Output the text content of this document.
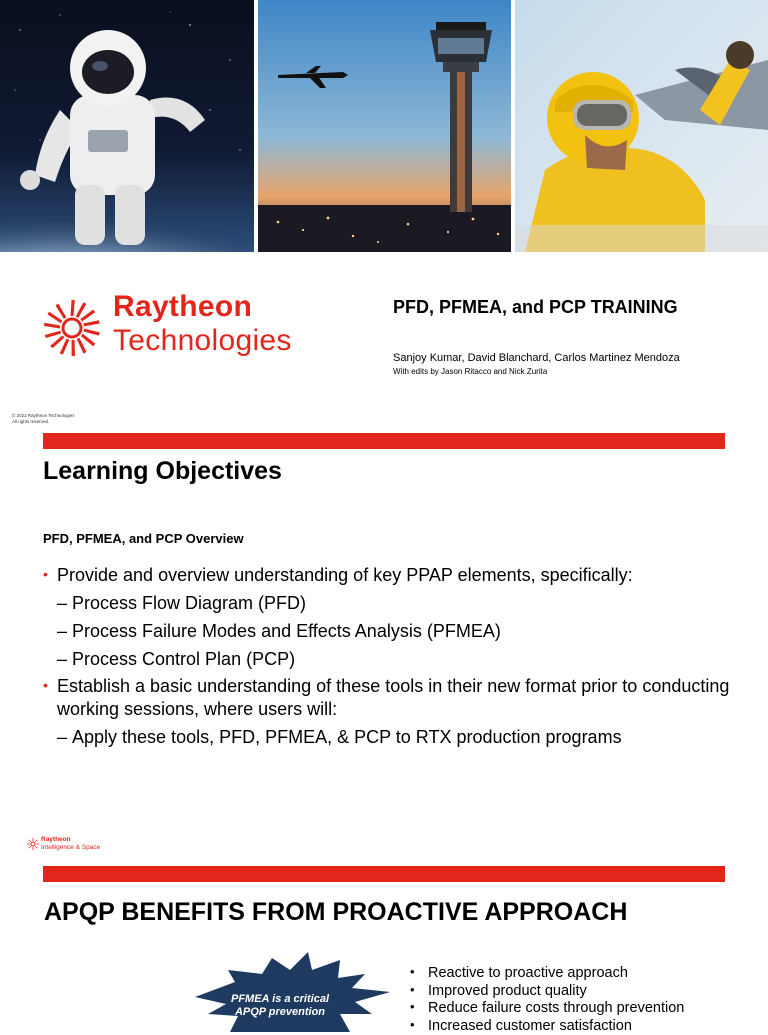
Raytheon
Technologies
PFD, PFMEA, and PCP TRAINING
Sanjoy Kumar, David Blanchard, Carlos Martinez Mendoza
With edits by Jason Ritacco and Nick Zurita
© 2022 Raytheon Technologies
All rights reserved.
Learning Objectives
PFD, PFMEA, and PCP Overview
• Provide and overview understanding of key PPAP elements, specifically:
– Process Flow Diagram (PFD)
– Process Failure Modes and Effects Analysis (PFMEA)
– Process Control Plan (PCP)
• Establish a basic understanding of these tools in their new format prior to conducting working sessions, where users will:
– Apply these tools, PFD, PFMEA, & PCP to RTX production programs
Raytheon
Intelligence & Space
APQP BENEFITS FROM PROACTIVE APPROACH
PFMEA is a critical APQP prevention
• Reactive to proactive approach
• Improved product quality
• Reduce failure costs through prevention
• Increased customer satisfaction
